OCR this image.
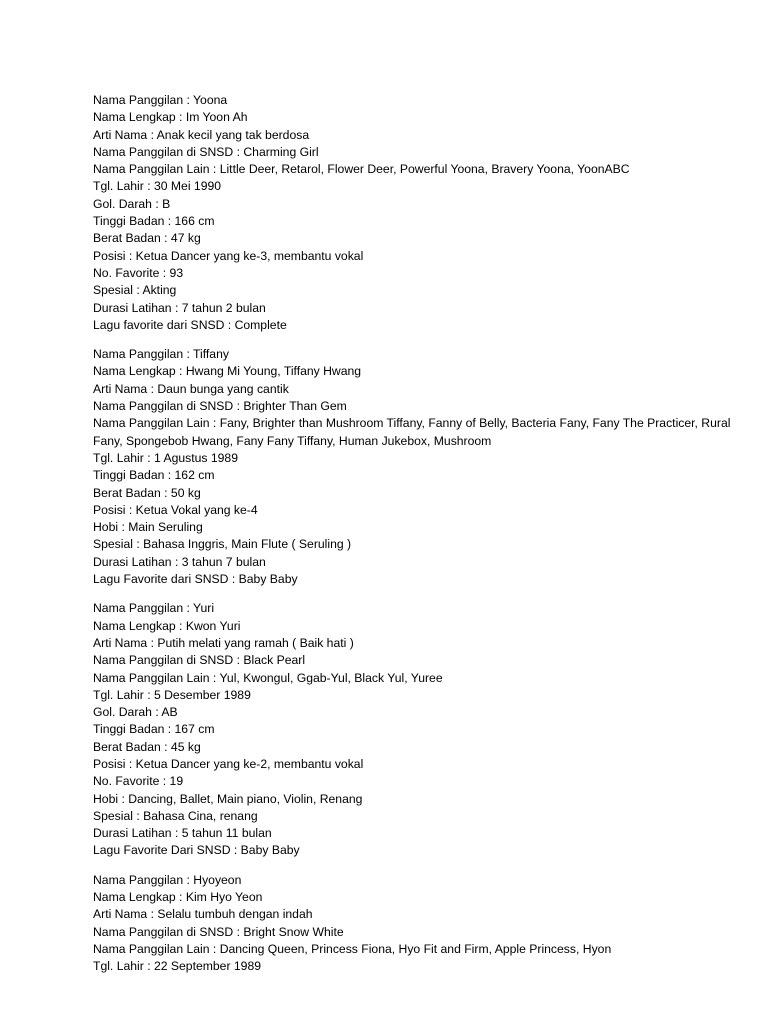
Nama Panggilan : Yoona
Nama Lengkap : Im Yoon Ah
Arti Nama : Anak kecil yang tak berdosa
Nama Panggilan di SNSD : Charming Girl
Nama Panggilan Lain : Little Deer, Retarol, Flower Deer, Powerful Yoona, Bravery Yoona, YoonABC
Tgl. Lahir : 30 Mei 1990
Gol. Darah : B
Tinggi Badan : 166 cm
Berat Badan : 47 kg
Posisi : Ketua Dancer yang ke-3, membantu vokal
No. Favorite : 93
Spesial : Akting
Durasi Latihan : 7 tahun 2 bulan
Lagu favorite dari SNSD : Complete
Nama Panggilan : Tiffany
Nama Lengkap : Hwang Mi Young, Tiffany Hwang
Arti Nama : Daun bunga yang cantik
Nama Panggilan di SNSD : Brighter Than Gem
Nama Panggilan Lain : Fany, Brighter than Mushroom Tiffany, Fanny of Belly, Bacteria Fany, Fany The Practicer, Rural Fany, Spongebob Hwang, Fany Fany Tiffany, Human Jukebox, Mushroom
Tgl. Lahir : 1 Agustus 1989
Tinggi Badan : 162 cm
Berat Badan : 50 kg
Posisi : Ketua Vokal yang ke-4
Hobi : Main Seruling
Spesial : Bahasa Inggris, Main Flute ( Seruling )
Durasi Latihan : 3 tahun 7 bulan
Lagu Favorite dari SNSD : Baby Baby
Nama Panggilan : Yuri
Nama Lengkap : Kwon Yuri
Arti Nama : Putih melati yang ramah ( Baik hati )
Nama Panggilan di SNSD : Black Pearl
Nama Panggilan Lain : Yul, Kwongul, Ggab-Yul, Black Yul, Yuree
Tgl. Lahir : 5 Desember 1989
Gol. Darah : AB
Tinggi Badan : 167 cm
Berat Badan : 45 kg
Posisi : Ketua Dancer yang ke-2, membantu vokal
No. Favorite : 19
Hobi : Dancing, Ballet, Main piano, Violin, Renang
Spesial : Bahasa Cina, renang
Durasi Latihan : 5 tahun 11 bulan
Lagu Favorite Dari SNSD : Baby Baby
Nama Panggilan : Hyoyeon
Nama Lengkap : Kim Hyo Yeon
Arti Nama : Selalu tumbuh dengan indah
Nama Panggilan di SNSD : Bright Snow White
Nama Panggilan Lain : Dancing Queen, Princess Fiona, Hyo Fit and Firm, Apple Princess, Hyon
Tgl. Lahir : 22 September 1989
